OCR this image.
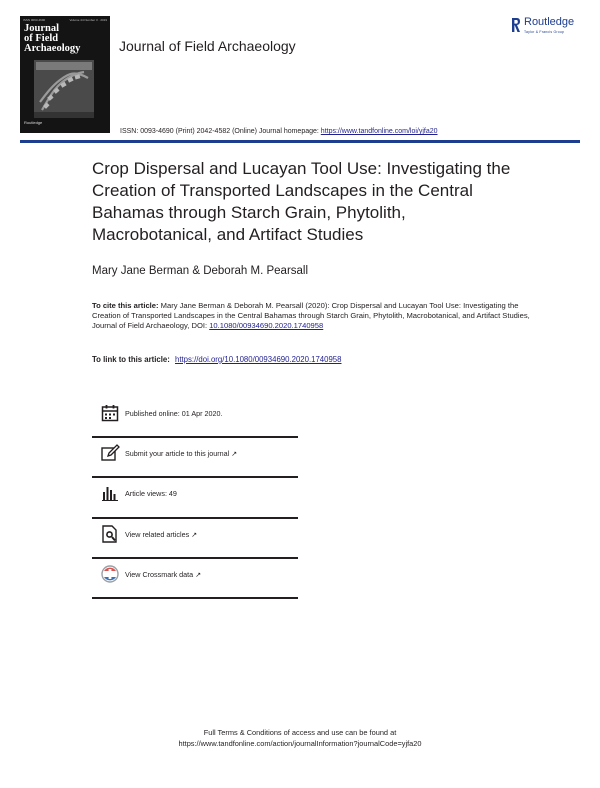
ISSN 0093-4690	Volume 44 Number 3 · 2019
Journal
of Field
Archaeology
Routledge
Journal of Field Archaeology
Routledge
Taylor & Francis Group
ISSN: 0093-4690 (Print) 2042-4582 (Online) Journal homepage: https://www.tandfonline.com/loi/yjfa20
Crop Dispersal and Lucayan Tool Use: Investigating the Creation of Transported Landscapes in the Central Bahamas through Starch Grain, Phytolith, Macrobotanical, and Artifact Studies
Mary Jane Berman & Deborah M. Pearsall
To cite this article: Mary Jane Berman & Deborah M. Pearsall (2020): Crop Dispersal and Lucayan Tool Use: Investigating the Creation of Transported Landscapes in the Central Bahamas through Starch Grain, Phytolith, Macrobotanical, and Artifact Studies, Journal of Field Archaeology, DOI: 10.1080/00934690.2020.1740958
To link to this article: https://doi.org/10.1080/00934690.2020.1740958
Published online: 01 Apr 2020.
Submit your article to this journal ↗
Article views: 49
View related articles ↗
View Crossmark data ↗
Full Terms & Conditions of access and use can be found at
https://www.tandfonline.com/action/journalInformation?journalCode=yjfa20
